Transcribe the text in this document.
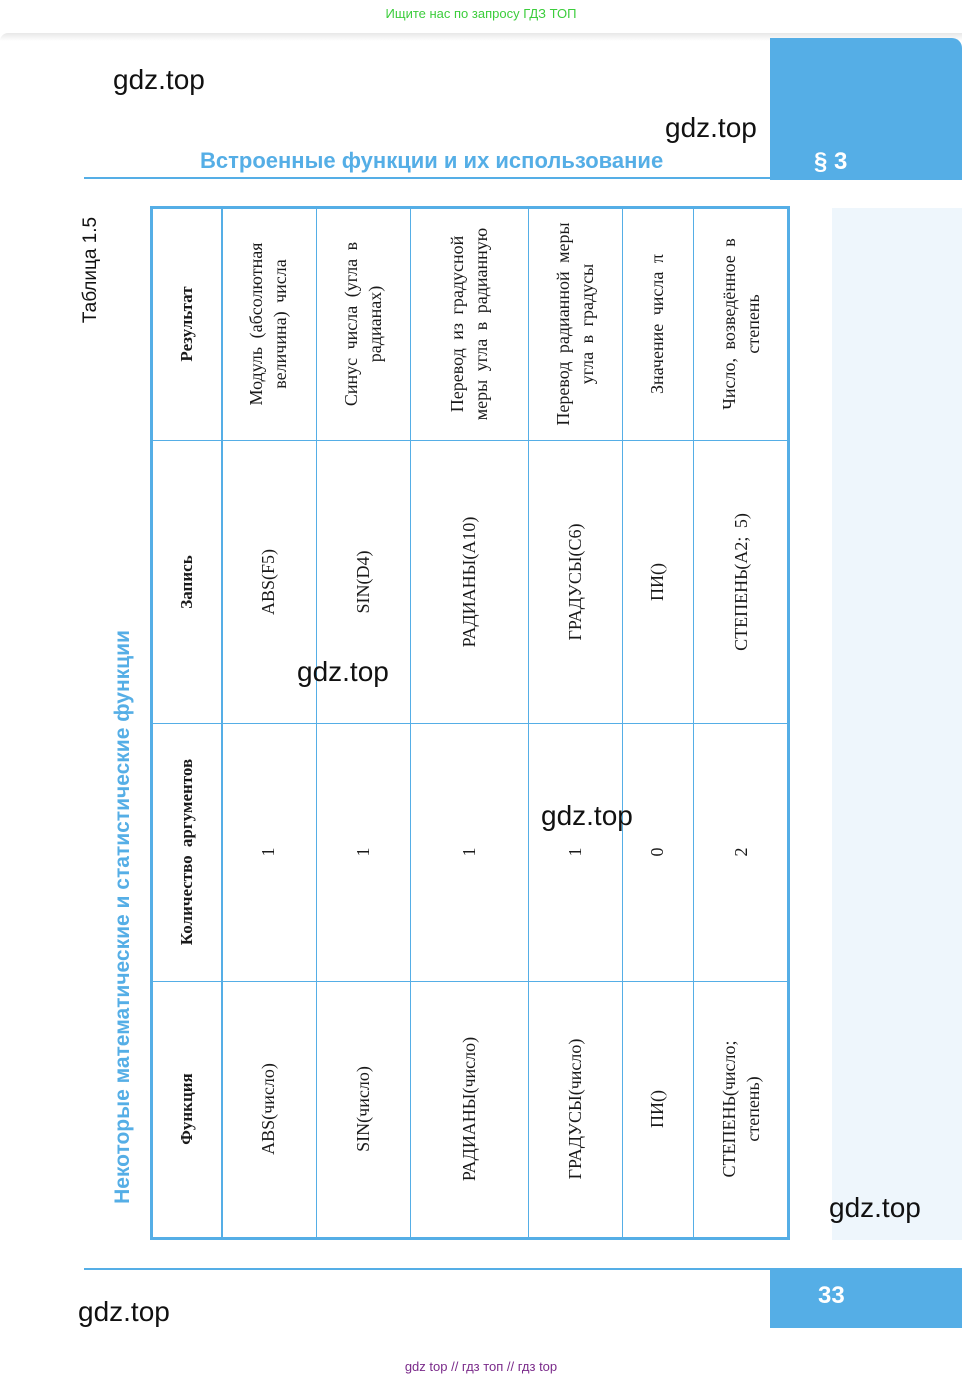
Ищите нас по запросу ГДЗ ТОП
§ 3
Встроенные функции и их использование
Таблица 1.5
Некоторые математические и статистические функции	Функция
Количество аргументов
Запись
Результат
ABS(число)
1
ABS(F5)
Модуль (абсолютная величина) числа
SIN(число)
1
SIN(D4)
Синус числа (угла в радианах)
РАДИАНЫ(число)
1
РАДИАНЫ(А10)
Перевод из градусной меры угла в радианную
ГРАДУСЫ(число)
1
ГРАДУСЫ(С6)
Перевод радианной меры угла в градусы
ПИ()
0
ПИ()
Значение числа π
СТЕПЕНЬ(число; степень)
2
СТЕПЕНЬ(А2; 5)
Число, возведённое в степень
33
gdz.top
gdz.top
gdz.top
gdz.top
gdz.top
gdz.top
gdz top // гдз топ // гдз top
